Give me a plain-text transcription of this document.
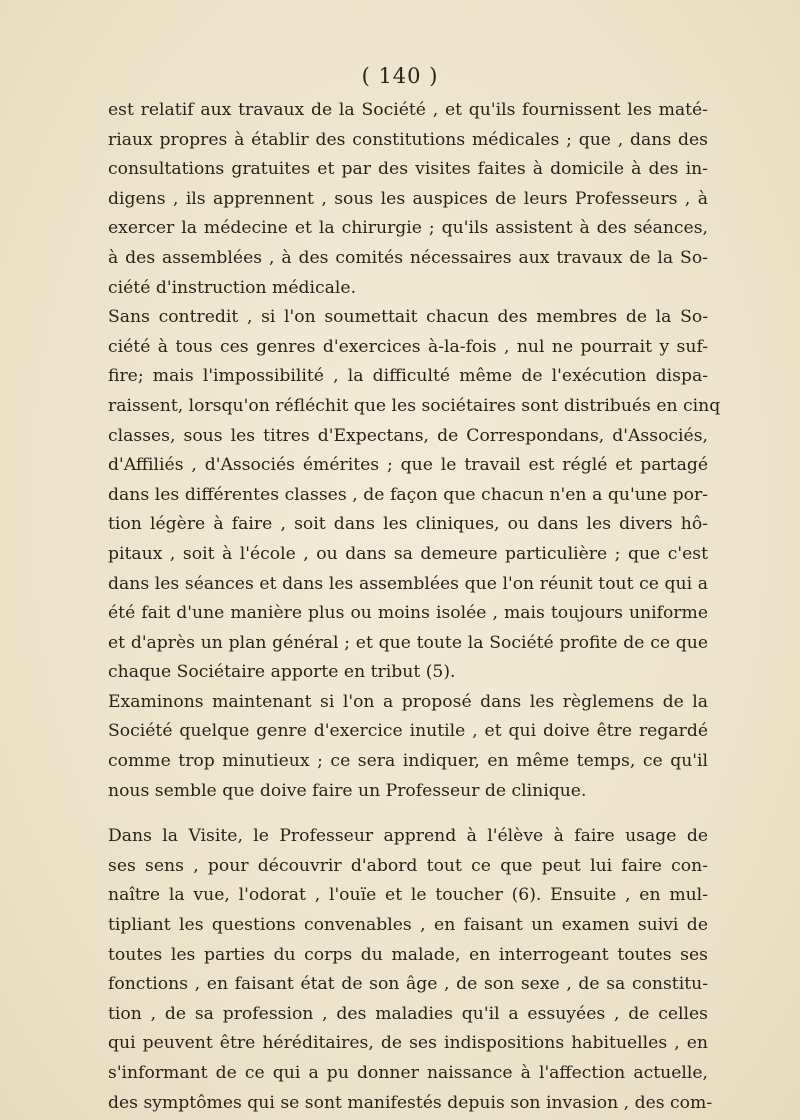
( 140 )
est relatif aux travaux de la Société , et qu'ils fournissent les maté-
riaux propres à établir des constitutions médicales ; que , dans des
consultations gratuites et par des visites faites à domicile à des in-
digens , ils apprennent , sous les auspices de leurs Professeurs , à
exercer la médecine et la chirurgie ; qu'ils assistent à des séances,
à des assemblées , à des comités nécessaires aux travaux de la So-
ciété d'instruction médicale.
Sans contredit , si l'on soumettait chacun des membres de la So-
ciété à tous ces genres d'exercices à-la-fois , nul ne pourrait y suf-
fire; mais l'impossibilité , la difficulté même de l'exécution dispa-
raissent, lorsqu'on réfléchit que les sociétaires sont distribués en cinq
classes, sous les titres d'Expectans, de Correspondans, d'Associés,
d'Affiliés , d'Associés émérites ; que le travail est réglé et partagé
dans les différentes classes , de façon que chacun n'en a qu'une por-
tion légère à faire , soit dans les cliniques, ou dans les divers hô-
pitaux , soit à l'école , ou dans sa demeure particulière ; que c'est
dans les séances et dans les assemblées que l'on réunit tout ce qui a
été fait d'une manière plus ou moins isolée , mais toujours uniforme
et d'après un plan général ; et que toute la Société profite de ce que
chaque Sociétaire apporte en tribut (5).
Examinons maintenant si l'on a proposé dans les règlemens de la
Société quelque genre d'exercice inutile , et qui doive être regardé
comme trop minutieux ; ce sera indiquer, en même temps, ce qu'il
nous semble que doive faire un Professeur de clinique.
Dans la Visite, le Professeur apprend à l'élève à faire usage de
ses sens , pour découvrir d'abord tout ce que peut lui faire con-
naître la vue, l'odorat , l'ouïe et le toucher (6). Ensuite , en mul-
tipliant les questions convenables , en faisant un examen suivi de
toutes les parties du corps du malade, en interrogeant toutes ses
fonctions , en faisant état de son âge , de son sexe , de sa constitu-
tion , de sa profession , des maladies qu'il a essuyées , de celles
qui peuvent être héréditaires, de ses indispositions habituelles , en
s'informant de ce qui a pu donner naissance à l'affection actuelle,
des symptômes qui se sont manifestés depuis son invasion , des com-
